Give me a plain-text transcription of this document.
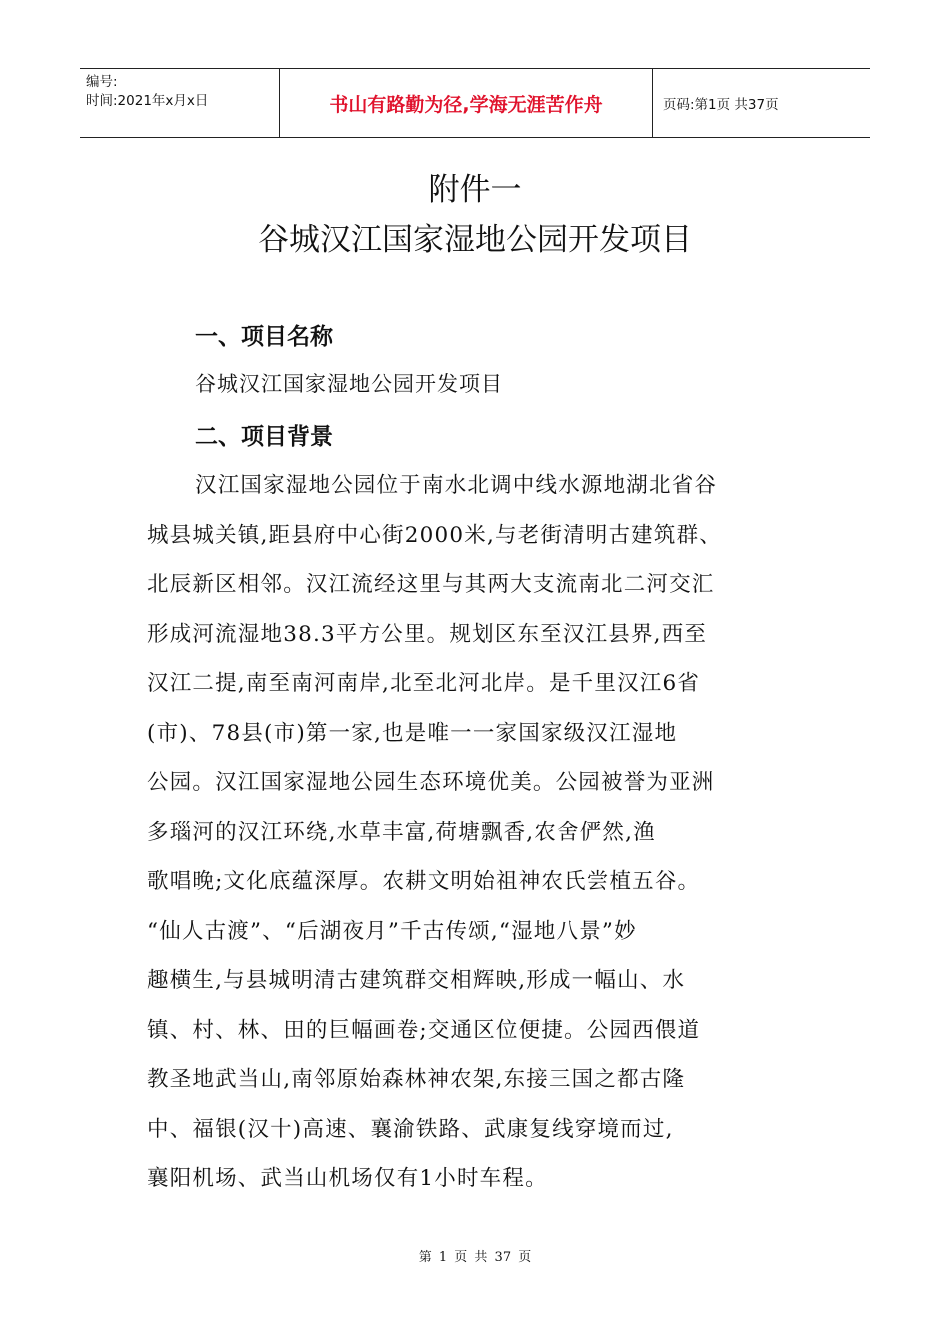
编号:
时间:2021年x月x日	书山有路勤为径,学海无涯苦作舟	页码:第1页 共37页
附件一
谷城汉江国家湿地公园开发项目
一、项目名称
谷城汉江国家湿地公园开发项目
二、项目背景
汉江国家湿地公园位于南水北调中线水源地湖北省谷
城县城关镇,距县府中心街2000米,与老街清明古建筑群、
北辰新区相邻。汉江流经这里与其两大支流南北二河交汇
形成河流湿地38.3平方公里。规划区东至汉江县界,西至
汉江二提,南至南河南岸,北至北河北岸。是千里汉江6省
(市)、78县(市)第一家,也是唯一一家国家级汉江湿地
公园。汉江国家湿地公园生态环境优美。公园被誉为亚洲
多瑙河的汉江环绕,水草丰富,荷塘飘香,农舍俨然,渔
歌唱晚;文化底蕴深厚。农耕文明始祖神农氏尝植五谷。
“仙人古渡”、“后湖夜月”千古传颂,“湿地八景”妙
趣横生,与县城明清古建筑群交相辉映,形成一幅山、水
镇、村、林、田的巨幅画卷;交通区位便捷。公园西偎道
教圣地武当山,南邻原始森林神农架,东接三国之都古隆
中、福银(汉十)高速、襄渝铁路、武康复线穿境而过,
襄阳机场、武当山机场仅有1小时车程。
第 1 页 共 37 页
